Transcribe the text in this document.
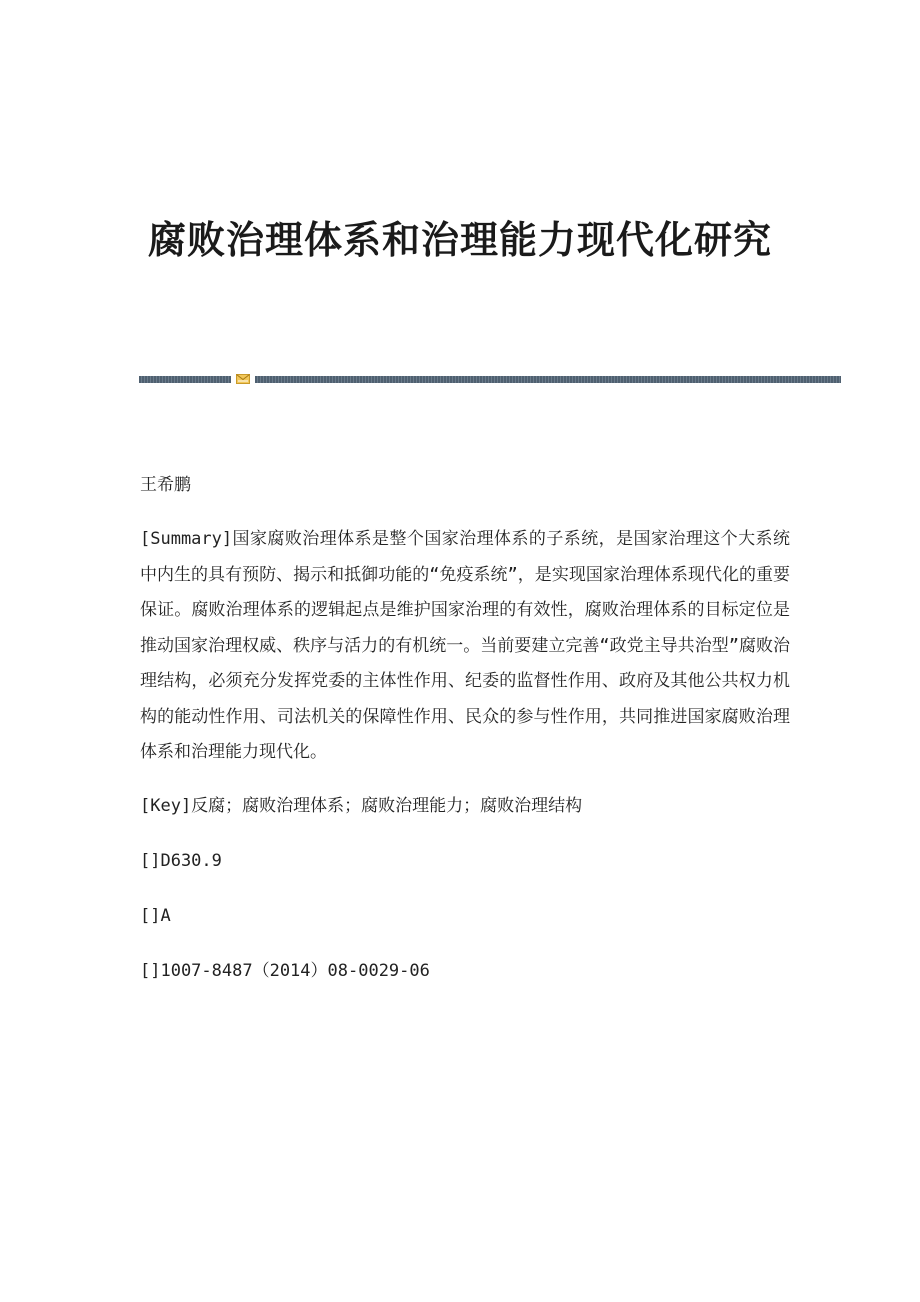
腐败治理体系和治理能力现代化研究

王希鹏

[Summary]国家腐败治理体系是整个国家治理体系的子系统，是国家治理这个大系统中内生的具有预防、揭示和抵御功能的“免疫系统”，是实现国家治理体系现代化的重要保证。腐败治理体系的逻辑起点是维护国家治理的有效性，腐败治理体系的目标定位是推动国家治理权威、秩序与活力的有机统一。当前要建立完善“政党主导共治型”腐败治理结构，必须充分发挥党委的主体性作用、纪委的监督性作用、政府及其他公共权力机构的能动性作用、司法机关的保障性作用、民众的参与性作用，共同推进国家腐败治理体系和治理能力现代化。

[Key]反腐；腐败治理体系；腐败治理能力；腐败治理结构

[]D630.9

[]A

[]1007-8487（2014）08-0029-06
